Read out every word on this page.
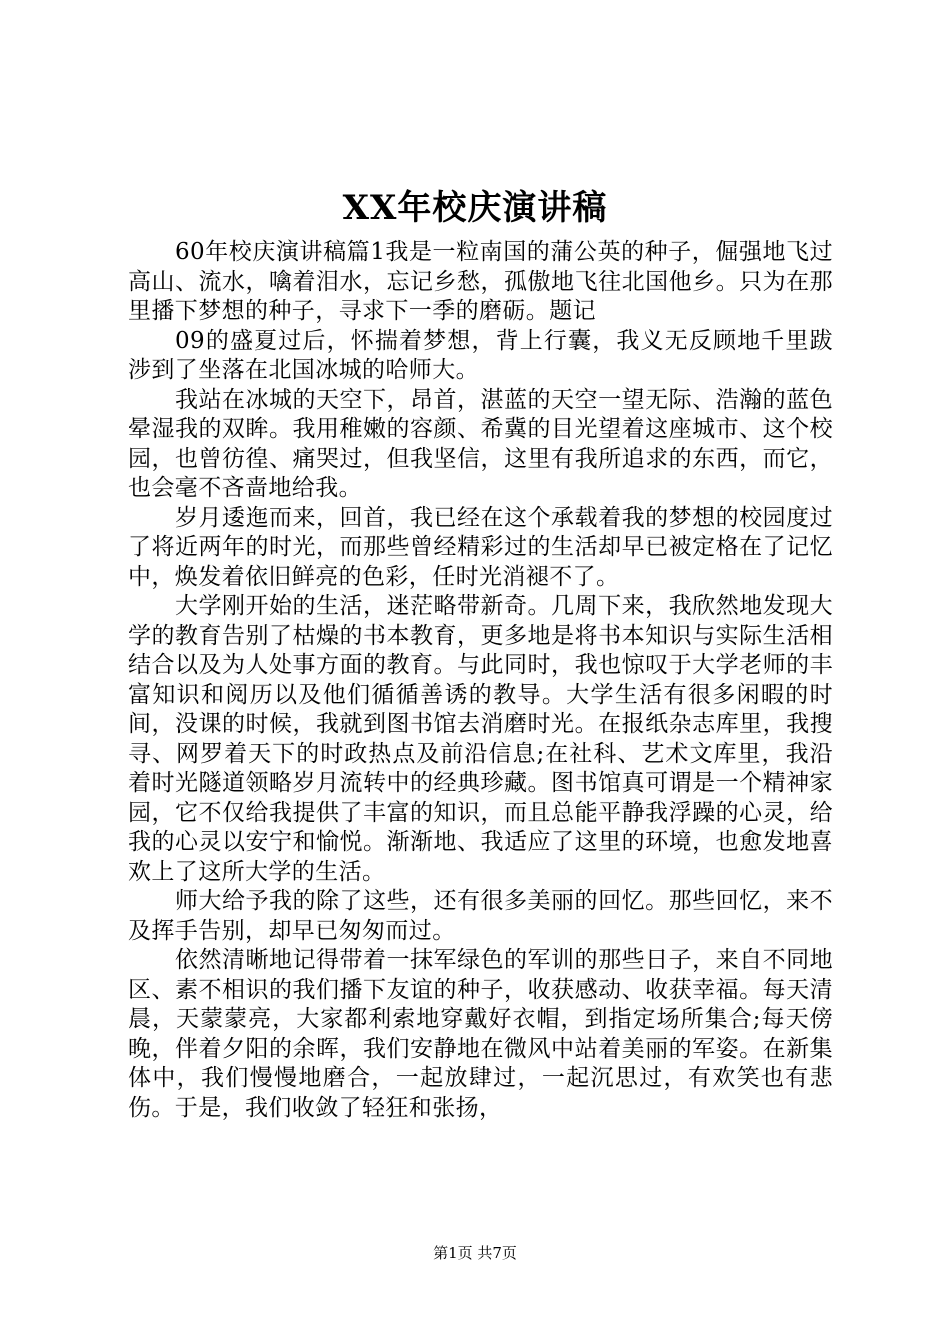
XX年校庆演讲稿

60年校庆演讲稿篇1我是一粒南国的蒲公英的种子，倔强地飞过高山、流水，噙着泪水，忘记乡愁，孤傲地飞往北国他乡。只为在那里播下梦想的种子，寻求下一季的磨砺。题记

09的盛夏过后，怀揣着梦想，背上行囊，我义无反顾地千里跋涉到了坐落在北国冰城的哈师大。

我站在冰城的天空下，昂首，湛蓝的天空一望无际、浩瀚的蓝色晕湿我的双眸。我用稚嫩的容颜、希冀的目光望着这座城市、这个校园，也曾彷徨、痛哭过，但我坚信，这里有我所追求的东西，而它，也会毫不吝啬地给我。

岁月逶迤而来，回首，我已经在这个承载着我的梦想的校园度过了将近两年的时光，而那些曾经精彩过的生活却早已被定格在了记忆中，焕发着依旧鲜亮的色彩，任时光消褪不了。

大学刚开始的生活，迷茫略带新奇。几周下来，我欣然地发现大学的教育告别了枯燥的书本教育，更多地是将书本知识与实际生活相结合以及为人处事方面的教育。与此同时，我也惊叹于大学老师的丰富知识和阅历以及他们循循善诱的教导。大学生活有很多闲暇的时间，没课的时候，我就到图书馆去消磨时光。在报纸杂志库里，我搜寻、网罗着天下的时政热点及前沿信息;在社科、艺术文库里，我沿着时光隧道领略岁月流转中的经典珍藏。图书馆真可谓是一个精神家园，它不仅给我提供了丰富的知识，而且总能平静我浮躁的心灵，给我的心灵以安宁和愉悦。渐渐地、我适应了这里的环境，也愈发地喜欢上了这所大学的生活。

师大给予我的除了这些，还有很多美丽的回忆。那些回忆，来不及挥手告别，却早已匆匆而过。

依然清晰地记得带着一抹军绿色的军训的那些日子，来自不同地区、素不相识的我们播下友谊的种子，收获感动、收获幸福。每天清晨，天蒙蒙亮，大家都利索地穿戴好衣帽，到指定场所集合;每天傍晚，伴着夕阳的余晖，我们安静地在微风中站着美丽的军姿。在新集体中，我们慢慢地磨合，一起放肆过，一起沉思过，有欢笑也有悲伤。于是，我们收敛了轻狂和张扬，

第1页 共7页
